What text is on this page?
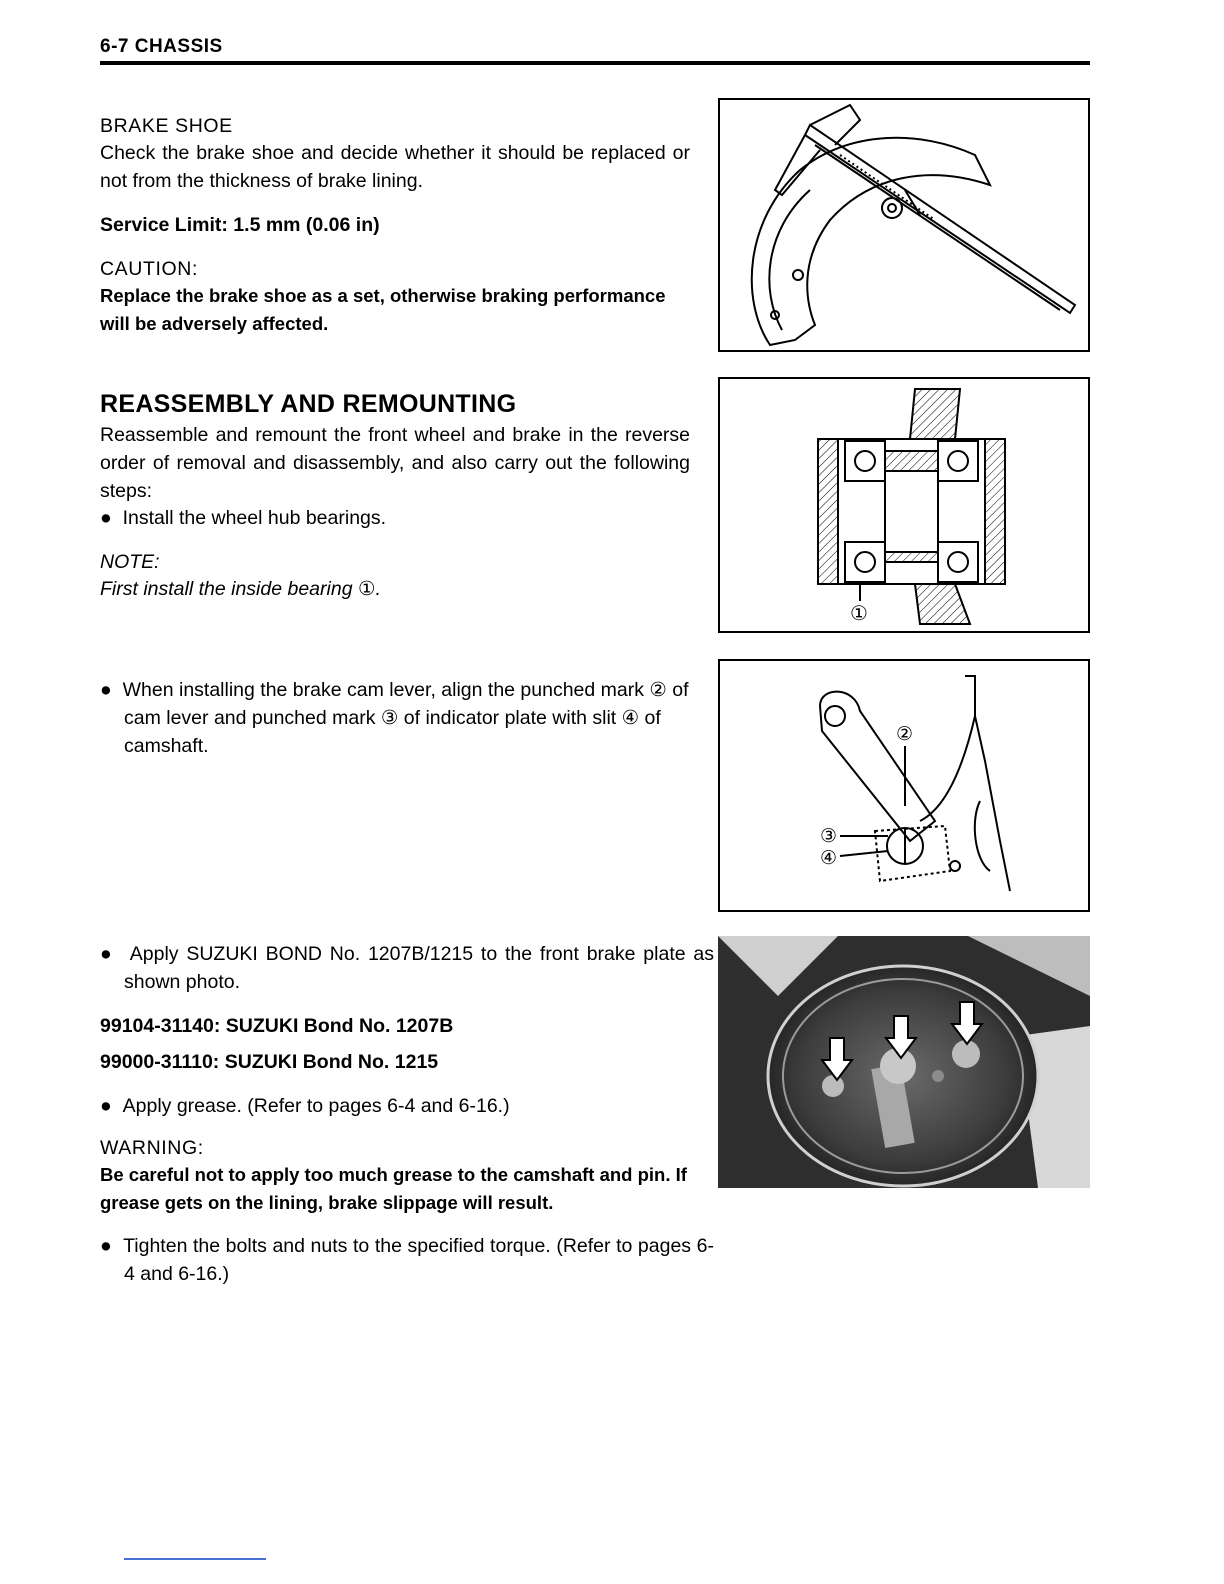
6-7 CHASSIS
BRAKE SHOE
Check the brake shoe and decide whether it should be replaced or not from the thickness of brake lining.
Service Limit: 1.5 mm (0.06 in)
CAUTION:
Replace the brake shoe as a set, otherwise braking performance will be adversely affected.
REASSEMBLY AND REMOUNTING
Reassemble and remount the front wheel and brake in the reverse order of removal and disassembly, and also carry out the following steps:
●  Install the wheel hub bearings.
NOTE:
First install the inside bearing ①.
●  When installing the brake cam lever, align the punched mark ② of cam lever and punched mark ③ of indicator plate with slit ④ of camshaft.
●  Apply SUZUKI BOND No. 1207B/1215 to the front brake plate as shown photo.
99104-31140: SUZUKI Bond No. 1207B
99000-31110: SUZUKI Bond No. 1215
●  Apply grease. (Refer to pages 6-4 and 6-16.)
WARNING:
Be careful not to apply too much grease to the camshaft and pin. If grease gets on the lining, brake slippage will result.
●  Tighten the bolts and nuts to the specified torque. (Refer to pages 6-4 and 6-16.)
①
②
③
④
